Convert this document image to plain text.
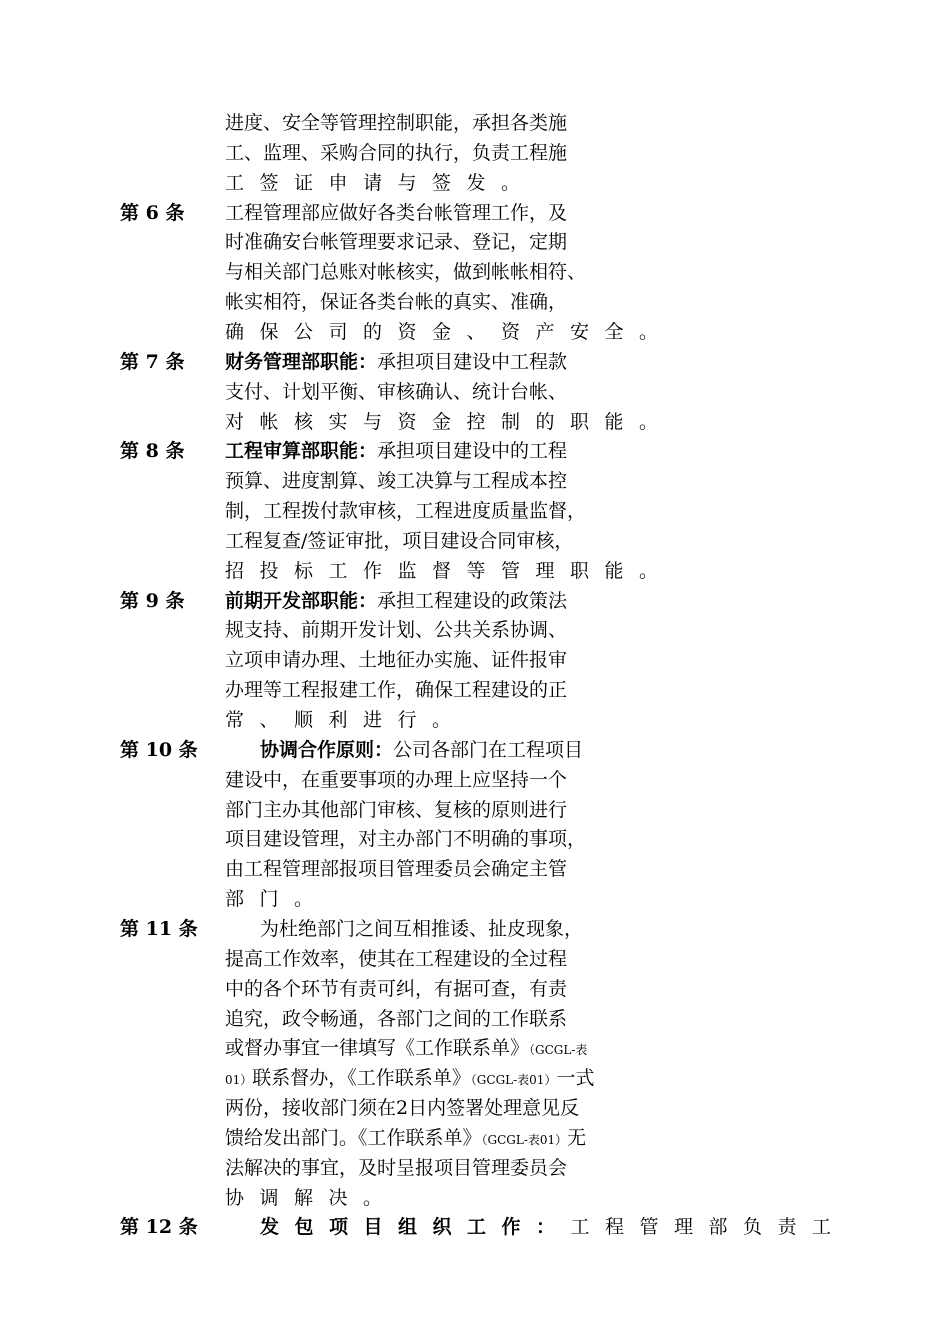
进度、安全等管理控制职能，承担各类施
工、监理、采购合同的执行，负责工程施
工签证申请与签发。
第 6 条 工程管理部应做好各类台帐管理工作，及
时准确安台帐管理要求记录、登记，定期
与相关部门总账对帐核实，做到帐帐相符、
帐实相符，保证各类台帐的真实、准确，
确保公司的资金、资产安全。
第 7 条 财务管理部职能：承担项目建设中工程款
支付、计划平衡、审核确认、统计台帐、
对帐核实与资金控制的职能。
第 8 条 工程审算部职能：承担项目建设中的工程
预算、进度割算、竣工决算与工程成本控
制，工程拨付款审核，工程进度质量监督，
工程复查/签证审批，项目建设合同审核，
招投标工作监督等管理职能。
第 9 条 前期开发部职能：承担工程建设的政策法
规支持、前期开发计划、公共关系协调、
立项申请办理、土地征办实施、证件报审
办理等工程报建工作，确保工程建设的正
常、顺利进行。
第 10 条	协调合作原则：公司各部门在工程项目
建设中，在重要事项的办理上应坚持一个
部门主办其他部门审核、复核的原则进行
项目建设管理，对主办部门不明确的事项，
由工程管理部报项目管理委员会确定主管
部门。
第 11 条	为杜绝部门之间互相推诿、扯皮现象，
提高工作效率，使其在工程建设的全过程
中的各个环节有责可纠，有据可查，有责
追究，政令畅通，各部门之间的工作联系
或督办事宜一律填写《工作联系单》（GCGL-表
01）联系督办，《工作联系单》（GCGL-表01）一式
两份，接收部门须在2日内签署处理意见反
馈给发出部门。《工作联系单》（GCGL-表01）无
法解决的事宜，及时呈报项目管理委员会
协调解决。
第 12 条	发包项目组织工作：工程管理部负责工
